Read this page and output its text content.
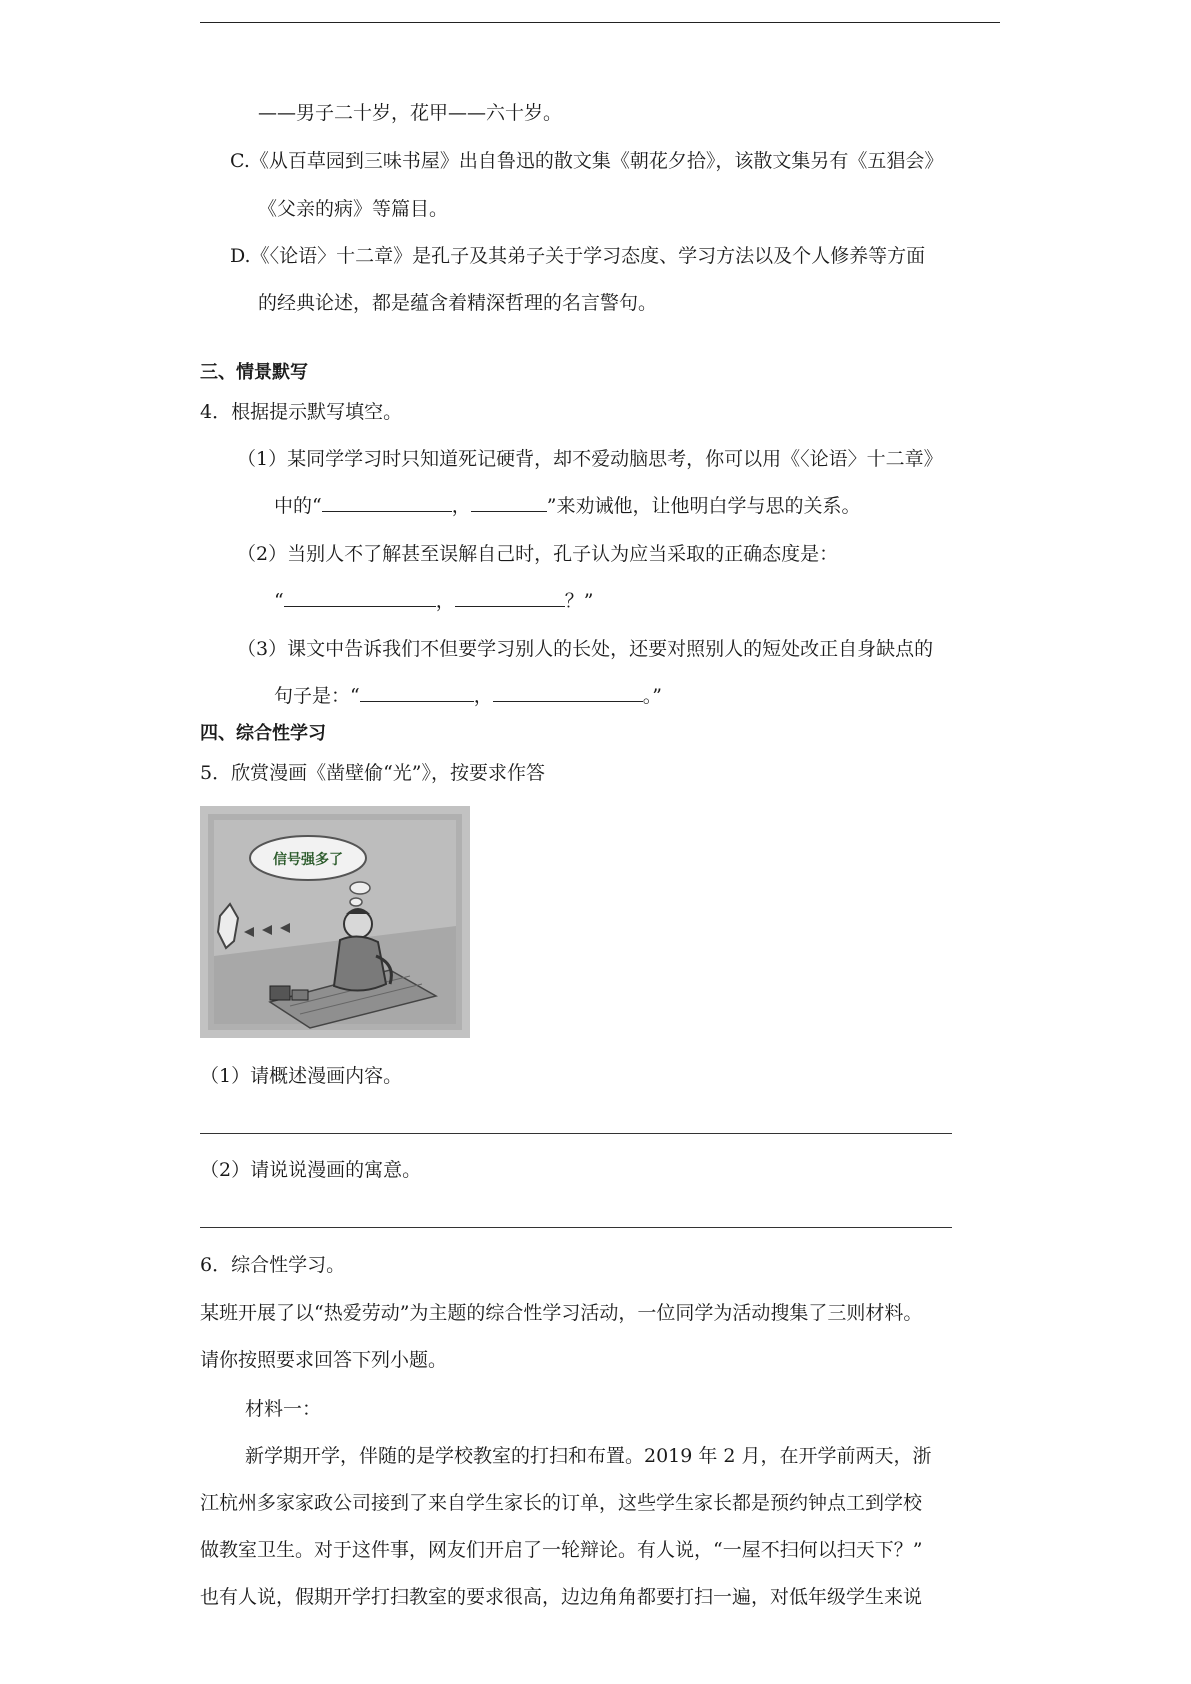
——男子二十岁，花甲——六十岁。
C.《从百草园到三味书屋》出自鲁迅的散文集《朝花夕拾》，该散文集另有《五猖会》
《父亲的病》等篇目。
D.《〈论语〉十二章》是孔子及其弟子关于学习态度、学习方法以及个人修养等方面
的经典论述，都是蕴含着精深哲理的名言警句。
三、情景默写
4．根据提示默写填空。
（1）某同学学习时只知道死记硬背，却不爱动脑思考，你可以用《〈论语〉十二章》
中的“	，	”来劝诫他，让他明白学与思的关系。
（2）当别人不了解甚至误解自己时，孔子认为应当采取的正确态度是：
“	，	？”
（3）课文中告诉我们不但要学习别人的长处，还要对照别人的短处改正自身缺点的
句子是：“	，	。”
四、综合性学习
5．欣赏漫画《凿壁偷“光”》，按要求作答
信号强多了
（1）请概述漫画内容。
（2）请说说漫画的寓意。
6．综合性学习。
某班开展了以“热爱劳动”为主题的综合性学习活动，一位同学为活动搜集了三则材料。
请你按照要求回答下列小题。
材料一：
新学期开学，伴随的是学校教室的打扫和布置。2019 年 2 月，在开学前两天，浙
江杭州多家家政公司接到了来自学生家长的订单，这些学生家长都是预约钟点工到学校
做教室卫生。对于这件事，网友们开启了一轮辩论。有人说，“一屋不扫何以扫天下？”
也有人说，假期开学打扫教室的要求很高，边边角角都要打扫一遍，对低年级学生来说
